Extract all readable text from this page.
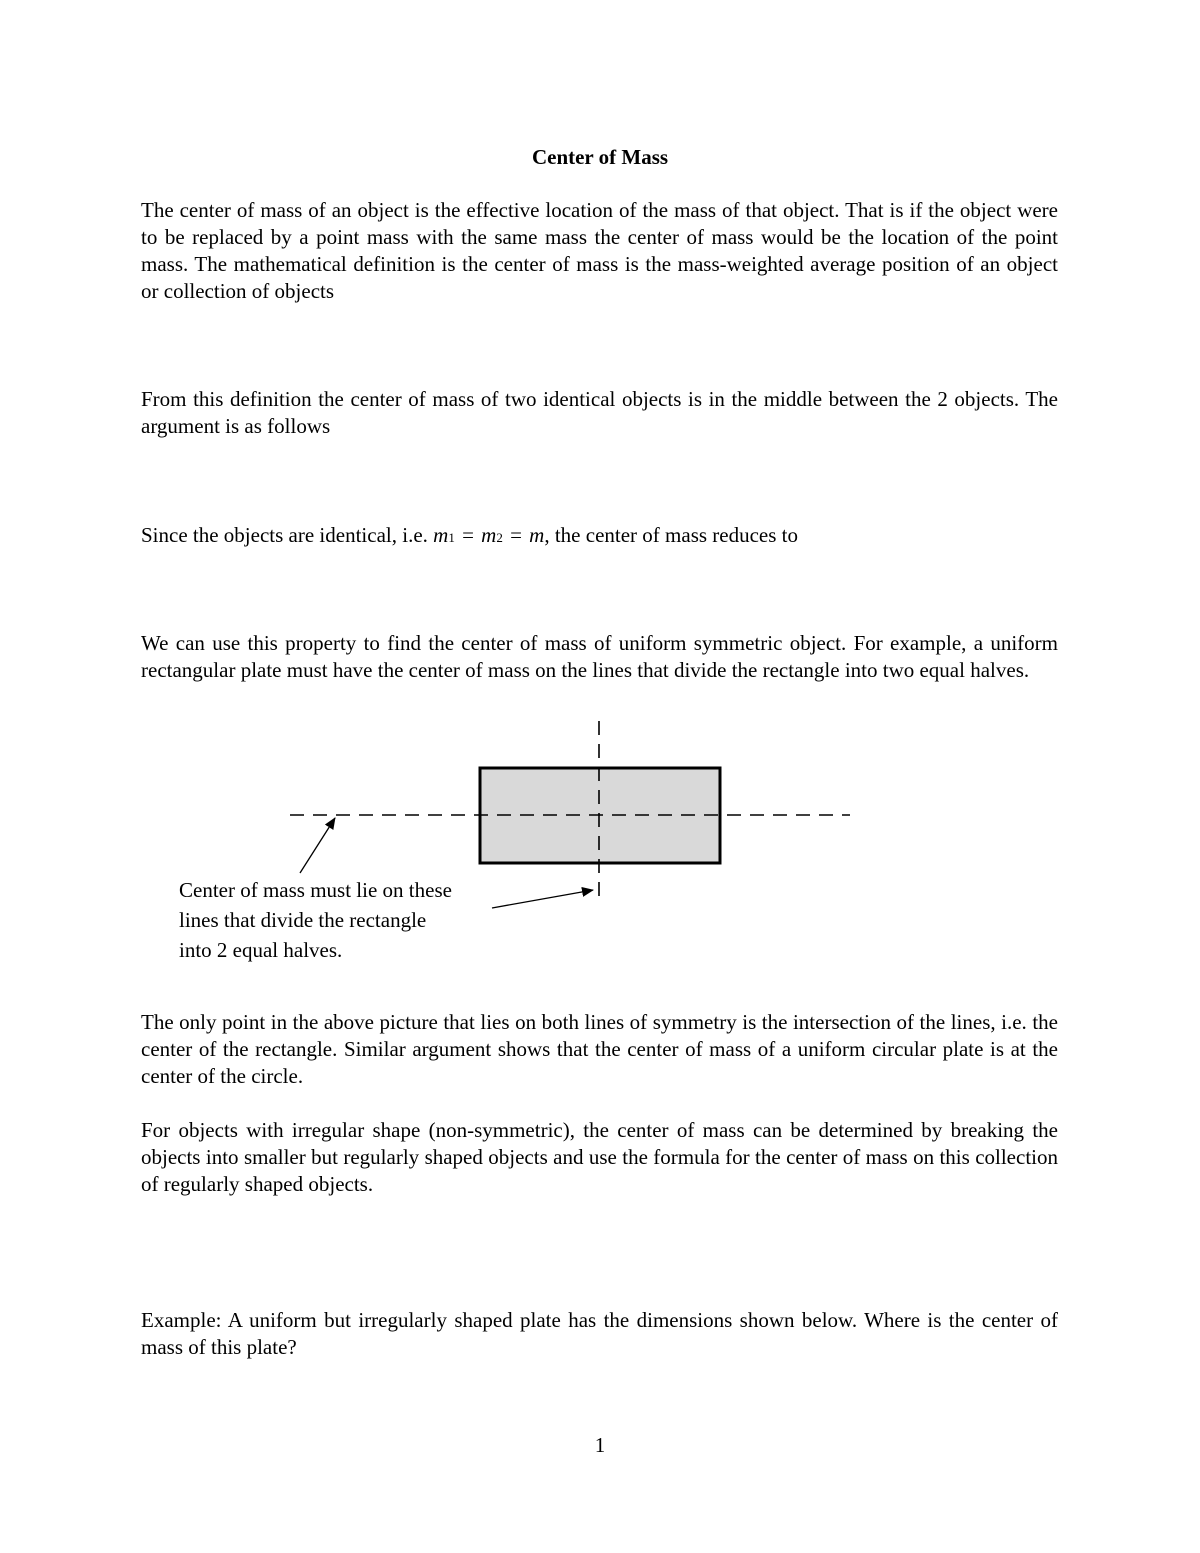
Center of Mass

The center of mass of an object is the effective location of the mass of that object. That is if the object were to be replaced by a point mass with the same mass the center of mass would be the location of the point mass. The mathematical definition is the center of mass is the mass-weighted average position of an object or collection of objects

From this definition the center of mass of two identical objects is in the middle between the 2 objects. The argument is as follows

Since the objects are identical, i.e. m1 = m2 = m, the center of mass reduces to

We can use this property to find the center of mass of uniform symmetric object. For example, a uniform rectangular plate must have the center of mass on the lines that divide the rectangle into two equal halves.

Center of mass must lie on these
lines that divide the rectangle
into 2 equal halves.

The only point in the above picture that lies on both lines of symmetry is the intersection of the lines, i.e. the center of the rectangle. Similar argument shows that the center of mass of a uniform circular plate is at the center of the circle.

For objects with irregular shape (non-symmetric), the center of mass can be determined by breaking the objects into smaller but regularly shaped objects and use the formula for the center of mass on this collection of regularly shaped objects.

Example: A uniform but irregularly shaped plate has the dimensions shown below. Where is the center of mass of this plate?

1
